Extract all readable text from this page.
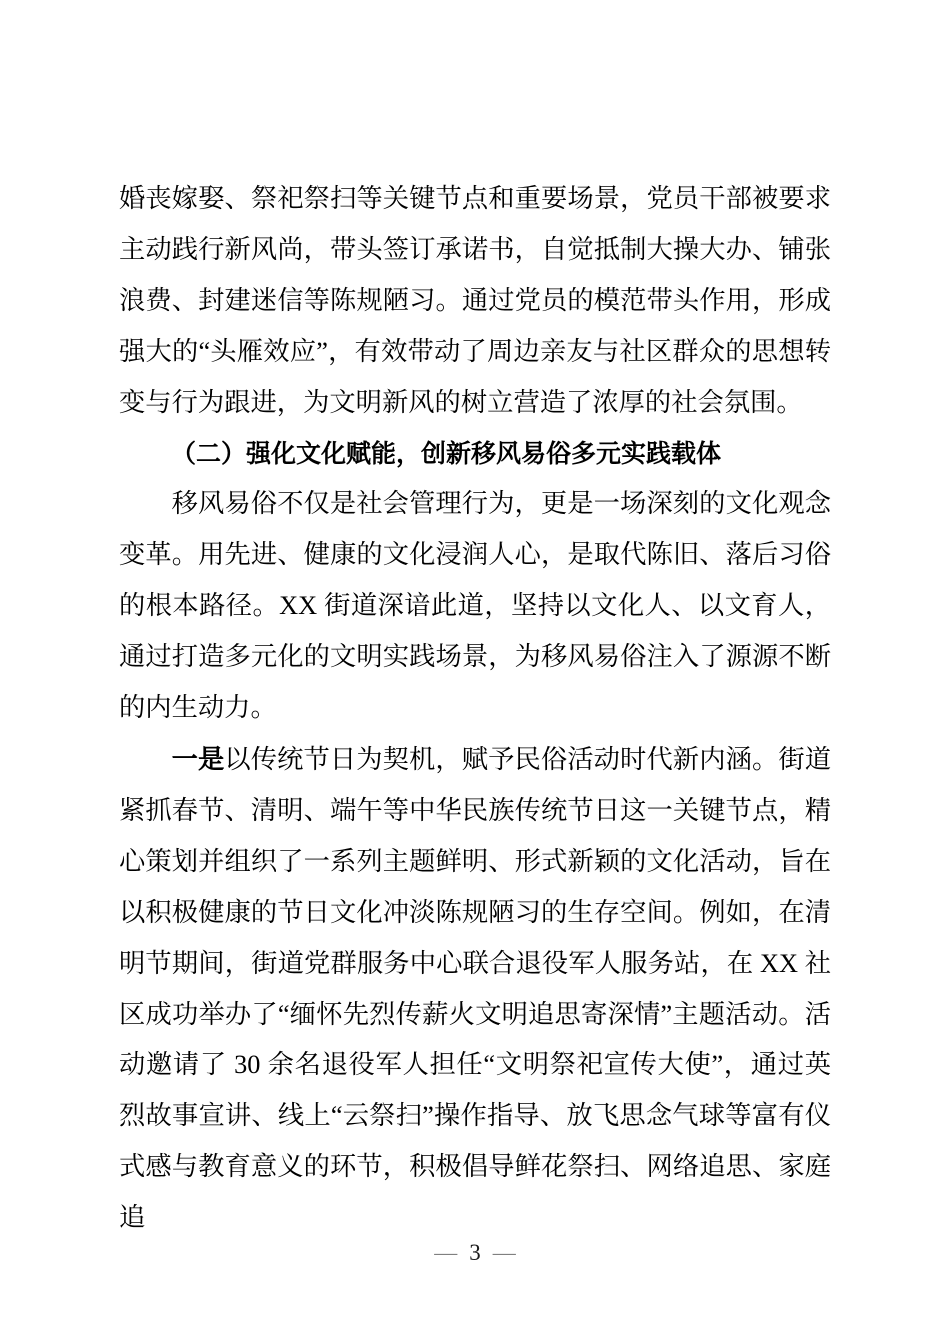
婚丧嫁娶、祭祀祭扫等关键节点和重要场景，党员干部被要求主动践行新风尚，带头签订承诺书，自觉抵制大操大办、铺张浪费、封建迷信等陈规陋习。通过党员的模范带头作用，形成强大的“头雁效应”，有效带动了周边亲友与社区群众的思想转变与行为跟进，为文明新风的树立营造了浓厚的社会氛围。

（二）强化文化赋能，创新移风易俗多元实践载体

移风易俗不仅是社会管理行为，更是一场深刻的文化观念变革。用先进、健康的文化浸润人心，是取代陈旧、落后习俗的根本路径。XX 街道深谙此道，坚持以文化人、以文育人，通过打造多元化的文明实践场景，为移风易俗注入了源源不断的内生动力。

一是以传统节日为契机，赋予民俗活动时代新内涵。街道紧抓春节、清明、端午等中华民族传统节日这一关键节点，精心策划并组织了一系列主题鲜明、形式新颖的文化活动，旨在以积极健康的节日文化冲淡陈规陋习的生存空间。例如，在清明节期间，街道党群服务中心联合退役军人服务站，在 XX 社区成功举办了“缅怀先烈传薪火文明追思寄深情”主题活动。活动邀请了 30 余名退役军人担任“文明祭祀宣传大使”，通过英烈故事宣讲、线上“云祭扫”操作指导、放飞思念气球等富有仪式感与教育意义的环节，积极倡导鲜花祭扫、网络追思、家庭追

— 3 —
